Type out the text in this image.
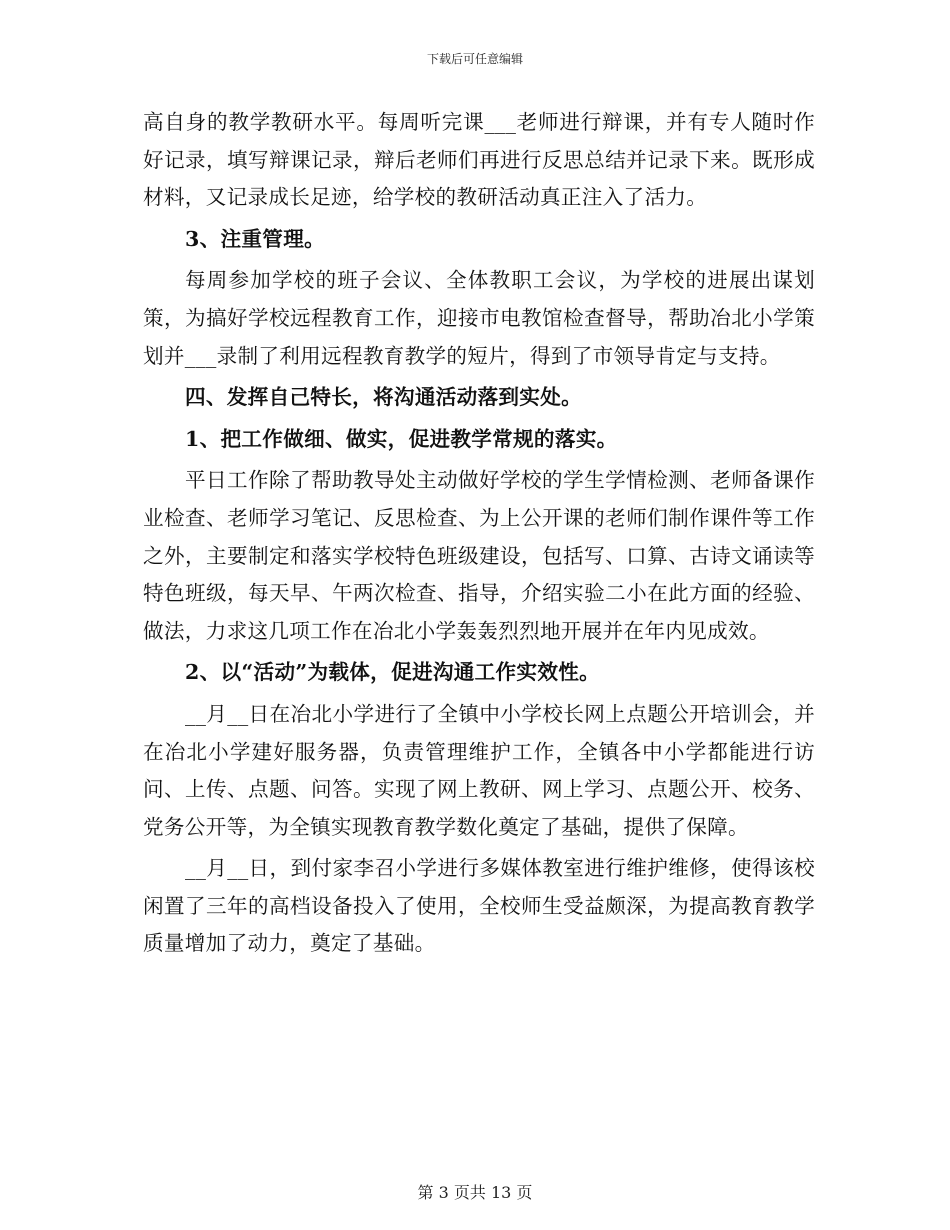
下载后可任意编辑

高自身的教学教研水平。每周听完课___老师进行辩课，并有专人随时作好记录，填写辩课记录，辩后老师们再进行反思总结并记录下来。既形成材料，又记录成长足迹，给学校的教研活动真正注入了活力。

3、注重管理。

每周参加学校的班子会议、全体教职工会议，为学校的进展出谋划策，为搞好学校远程教育工作，迎接市电教馆检查督导，帮助冶北小学策划并___录制了利用远程教育教学的短片，得到了市领导肯定与支持。

四、发挥自己特长，将沟通活动落到实处。

1、把工作做细、做实，促进教学常规的落实。

平日工作除了帮助教导处主动做好学校的学生学情检测、老师备课作业检查、老师学习笔记、反思检查、为上公开课的老师们制作课件等工作之外，主要制定和落实学校特色班级建设，包括写、口算、古诗文诵读等特色班级，每天早、午两次检查、指导，介绍实验二小在此方面的经验、做法，力求这几项工作在冶北小学轰轰烈烈地开展并在年内见成效。

2、以“活动”为载体，促进沟通工作实效性。

__月__日在冶北小学进行了全镇中小学校长网上点题公开培训会，并在冶北小学建好服务器，负责管理维护工作，全镇各中小学都能进行访问、上传、点题、问答。实现了网上教研、网上学习、点题公开、校务、党务公开等，为全镇实现教育教学数化奠定了基础，提供了保障。

__月__日，到付家李召小学进行多媒体教室进行维护维修，使得该校闲置了三年的高档设备投入了使用，全校师生受益颇深，为提高教育教学质量增加了动力，奠定了基础。

第 3 页共 13 页
